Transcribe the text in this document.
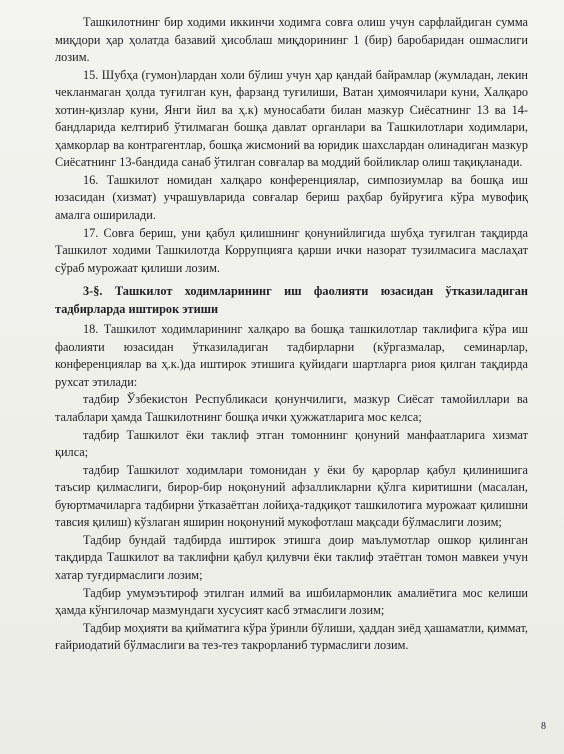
Ташкилотнинг бир ходими иккинчи ходимга совға олиш учун сарфлайдиган сумма миқдори ҳар ҳолатда базавий ҳисоблаш миқдорининг 1 (бир) баробаридан ошмаслиги лозим.

15. Шубҳа (гумон)лардан холи бўлиш учун ҳар қандай байрамлар (жумладан, лекин чекланмаган ҳолда туғилган кун, фарзанд туғилиши, Ватан ҳимоячилари куни, Халқаро хотин-қизлар куни, Янги йил ва ҳ.к) муносабати билан мазкур Сиёсатнинг 13 ва 14-бандларида келтириб ўтилмаган бошқа давлат органлари ва Ташкилотлари ходимлари, ҳамкорлар ва контрагентлар, бошқа жисмоний ва юридик шахслардан олинадиган мазкур Сиёсатнинг 13-бандида санаб ўтилган совғалар ва моддий бойликлар олиш тақиқланади.

16. Ташкилот номидан халқаро конференциялар, симпозиумлар ва бошқа иш юзасидан (хизмат) учрашувларида совғалар бериш раҳбар буйруғига кўра мувофиқ амалга оширилади.

17. Совға бериш, уни қабул қилишнинг қонунийлигида шубҳа туғилган тақдирда Ташкилот ходими Ташкилотда Коррупцияга қарши ички назорат тузилмасига маслаҳат сўраб мурожаат қилиши лозим.

3-§. Ташкилот ходимларининг иш фаолияти юзасидан ўтказиладиган тадбирларда иштирок этиши

18. Ташкилот ходимларининг халқаро ва бошқа ташкилотлар таклифига кўра иш фаолияти юзасидан ўтказиладиган тадбирларни (кўргазмалар, семинарлар, конференциялар ва ҳ.к.)да иштирок этишига қуйидаги шартларга риоя қилган тақдирда рухсат этилади:

тадбир Ўзбекистон Республикаси қонунчилиги, мазкур Сиёсат тамойиллари ва талаблари ҳамда Ташкилотнинг бошқа ички ҳужжатларига мос келса;

тадбир Ташкилот ёки таклиф этган томоннинг қонуний манфаатларига хизмат қилса;

тадбир Ташкилот ходимлари томонидан у ёки бу қарорлар қабул қилинишига таъсир қилмаслиги, бирор-бир ноқонуний афзалликларни қўлга киритишни (масалан, буюртмачиларга тадбирни ўтказаётган лойиҳа-тадқиқот ташкилотига мурожаат қилишни тавсия қилиш) кўзлаган яширин ноқонуний мукофотлаш мақсади бўлмаслиги лозим;

Тадбир бундай тадбирда иштирок этишга доир маълумотлар ошкор қилинган тақдирда Ташкилот ва таклифни қабул қилувчи ёки таклиф этаётган томон мавкеи учун хатар туғдирмаслиги лозим;

Тадбир умумэътироф этилган илмий ва ишбилармонлик амалиётига мос келиши ҳамда кўнгилочар мазмундаги хусусият касб этмаслиги лозим;

Тадбир моҳияти ва қийматига кўра ўринли бўлиши, ҳаддан зиёд ҳашаматли, қиммат, ғайриодатий бўлмаслиги ва тез-тез такрорланиб турмаслиги лозим.

8
